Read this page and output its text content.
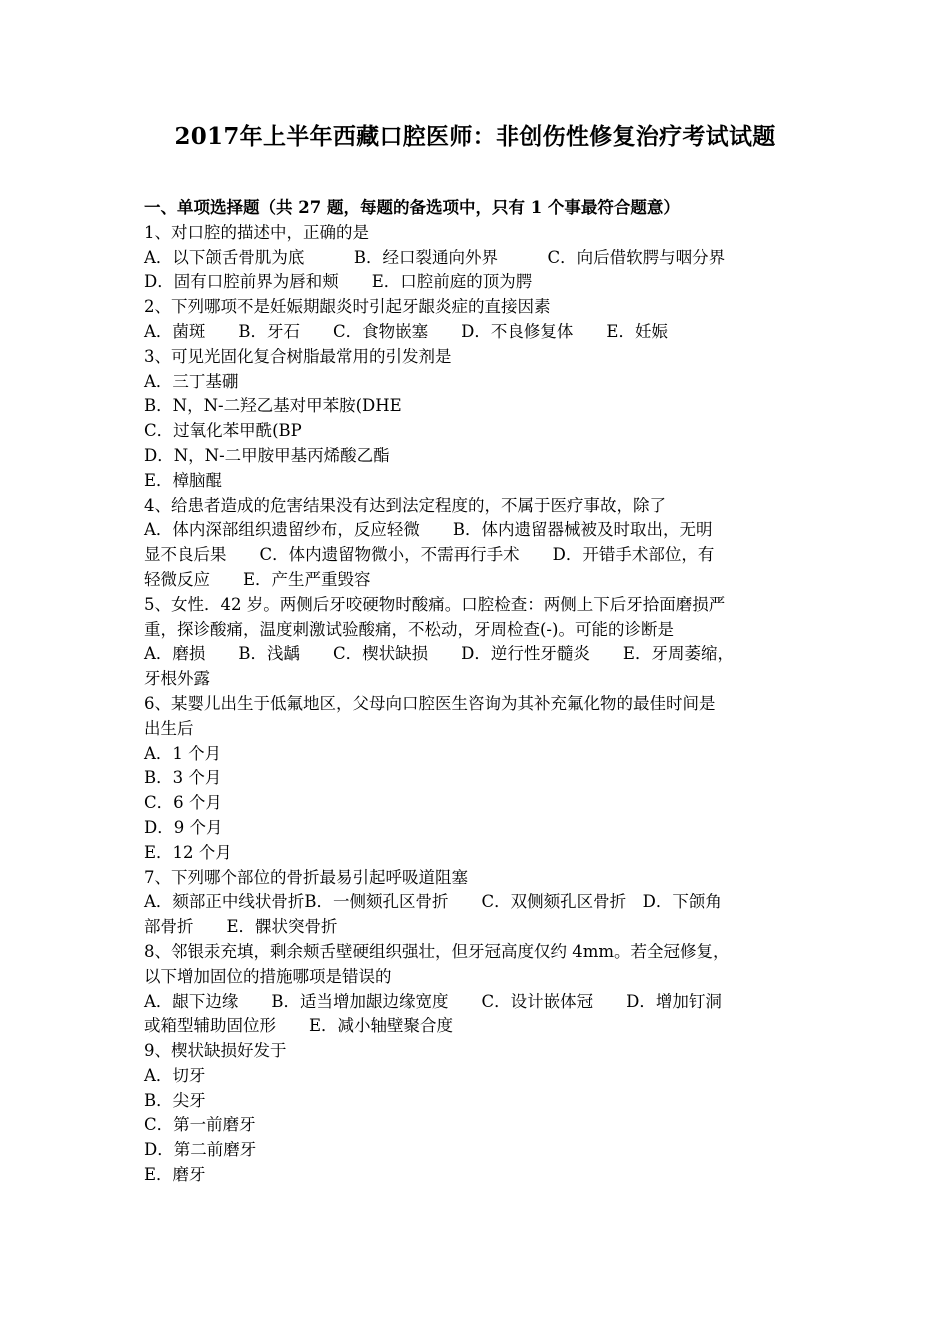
2017年上半年西藏口腔医师：非创伤性修复治疗考试试题
一、单项选择题（共 27 题，每题的备选项中，只有 1 个事最符合题意）
1、对口腔的描述中，正确的是
A．以下颌舌骨肌为底　　　B．经口裂通向外界　　　C．向后借软腭与咽分界
D．固有口腔前界为唇和颊　　E．口腔前庭的顶为腭
2、下列哪项不是妊娠期龈炎时引起牙龈炎症的直接因素
A．菌斑　　B．牙石　　C．食物嵌塞　　D．不良修复体　　E．妊娠
3、可见光固化复合树脂最常用的引发剂是
A．三丁基硼
B．N，N-二羟乙基对甲苯胺(DHE
C．过氧化苯甲酰(BP
D．N，N-二甲胺甲基丙烯酸乙酯
E．樟脑醌
4、给患者造成的危害结果没有达到法定程度的，不属于医疗事故，除了
A．体内深部组织遗留纱布，反应轻微　　B．体内遗留器械被及时取出，无明
显不良后果　　C．体内遗留物微小，不需再行手术　　D．开错手术部位，有
轻微反应　　E．产生严重毁容
5、女性．42 岁。两侧后牙咬硬物时酸痛。口腔检查：两侧上下后牙拾面磨损严
重，探诊酸痛，温度刺激试验酸痛，不松动，牙周检查(-)。可能的诊断是
A．磨损　　B．浅龋　　C．楔状缺损　　D．逆行性牙髓炎　　E．牙周萎缩，
牙根外露
6、某婴儿出生于低氟地区，父母向口腔医生咨询为其补充氟化物的最佳时间是
出生后
A．1 个月
B．3 个月
C．6 个月
D．9 个月
E．12 个月
7、下列哪个部位的骨折最易引起呼吸道阻塞
A．颏部正中线状骨折B．一侧颏孔区骨折　　C．双侧颏孔区骨折　D．下颌角
部骨折　　E．髁状突骨折
8、邻银汞充填，剩余颊舌壁硬组织强壮，但牙冠高度仅约 4mm。若全冠修复，
以下增加固位的措施哪项是错误的
A．龈下边缘　　B．适当增加龈边缘宽度　　C．设计嵌体冠　　D．增加钉洞
或箱型辅助固位形　　E．减小轴壁聚合度
9、楔状缺损好发于
A．切牙
B．尖牙
C．第一前磨牙
D．第二前磨牙
E．磨牙
